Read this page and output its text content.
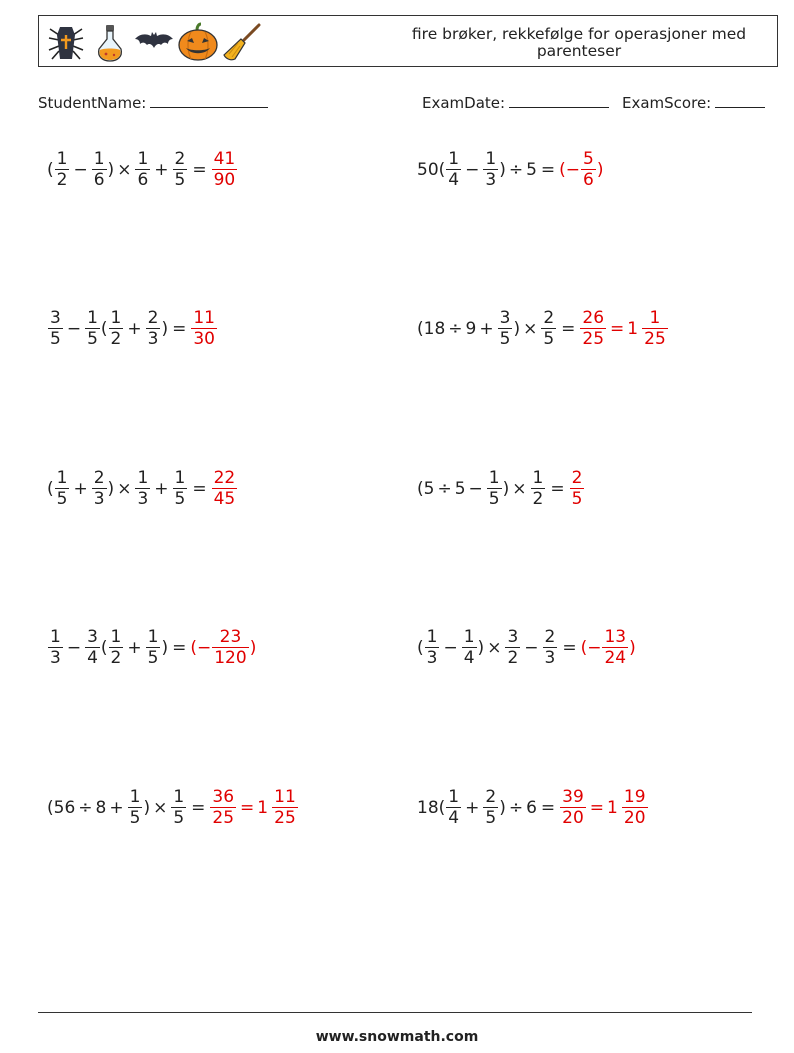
fire brøker, rekkefølge for operasjoner med parenteser
StudentName:	ExamDate:	ExamScore:
( $\frac{1}{2}$
−
$\frac{1}{6}$ )
×
$\frac{1}{6}$
+
$\frac{2}{5} = \frac{41}{90}$	50 ( $\frac{1}{4}$
−
$\frac{1}{3}$ )
÷
5 = (− $\frac{5}{6}$ )
$\frac{3}{5}$
−
$\frac{1}{5}$ ( $\frac{1}{2}$
+
$\frac{2}{3}$ ) = $\frac{11}{30}$	( 18
÷
9
+
$\frac{3}{5}$ )
×
$\frac{2}{5} = \frac{26}{25}$
=
1
$\frac{1}{25}$
( $\frac{1}{5}$
+
$\frac{2}{3}$ )
×
$\frac{1}{3}$
+
$\frac{1}{5} = \frac{22}{45}$	( 5
÷
5
−
$\frac{1}{5}$ )
×
$\frac{1}{2} = \frac{2}{5}$
$\frac{1}{3}$
−
$\frac{3}{4}$ ( $\frac{1}{2}$
+
$\frac{1}{5}$ ) = (− $\frac{23}{120}$ )	( $\frac{1}{3}$
−
$\frac{1}{4}$ )
×
$\frac{3}{2}$
−
$\frac{2}{3}$ = (− $\frac{13}{24}$ )
( 56
÷
8
+
$\frac{1}{5}$ )
×
$\frac{1}{5} = \frac{36}{25}$
=
1
$\frac{11}{25}$	18 ( $\frac{1}{4}$
+
$\frac{2}{5}$ )
÷
$6 = \frac{39}{20}$
=
1
$\frac{19}{20}$
www.snowmath.com
